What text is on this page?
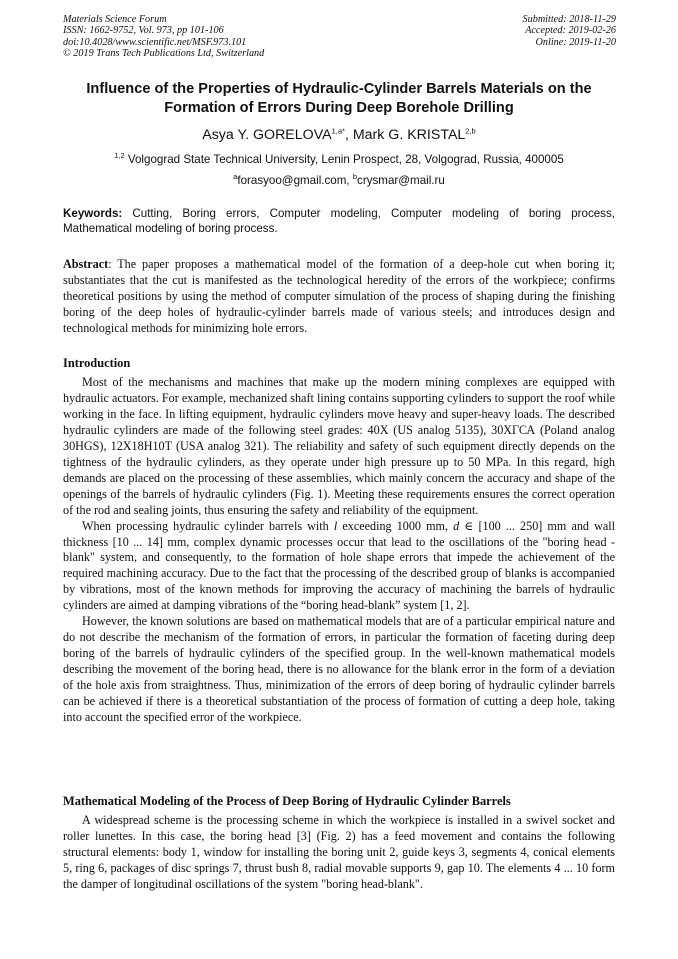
Materials Science Forum
ISSN: 1662-9752, Vol. 973, pp 101-106
doi:10.4028/www.scientific.net/MSF.973.101
© 2019 Trans Tech Publications Ltd, Switzerland
Submitted: 2018-11-29
Accepted: 2019-02-26
Online: 2019-11-20
Influence of the Properties of Hydraulic-Cylinder Barrels Materials on the Formation of Errors During Deep Borehole Drilling
Asya Y. $GORELOVA^{1,a*}$, Mark G. KRISTAL$^{2,b}$
$^{1,2}$ Volgograd State Technical University, Lenin Prospect, 28, Volgograd, Russia, 400005
$^a$forasyoo@gmail.com, $^b$crysmar@mail.ru
Keywords: Cutting, Boring errors, Computer modeling, Computer modeling of boring process, Mathematical modeling of boring process.

Abstract: The paper proposes a mathematical model of the formation of a deep-hole cut when boring it; substantiates that the cut is manifested as the technological heredity of the errors of the workpiece; confirms theoretical positions by using the method of computer simulation of the process of shaping during the finishing boring of the deep holes of hydraulic-cylinder barrels made of various steels; and introduces design and technological methods for minimizing hole errors.

Introduction

Most of the mechanisms and machines that make up the modern mining complexes are equipped with hydraulic actuators. For example, mechanized shaft lining contains supporting cylinders to support the roof while working in the face. In lifting equipment, hydraulic cylinders move heavy and super-heavy loads. The described hydraulic cylinders are made of the following steel grades: 40X (US analog 5135), 30XГСА (Poland analog 30HGS), 12X18H10T (USA analog 321). The reliability and safety of such equipment directly depends on the tightness of the hydraulic cylinders, as they operate under high pressure up to 50 MPa. In this regard, high demands are placed on the processing of these assemblies, which mainly concern the accuracy and shape of the openings of the barrels of hydraulic cylinders (Fig. 1). Meeting these requirements ensures the correct operation of the rod and sealing joints, thus ensuring the safety and reliability of the equipment.

When processing hydraulic cylinder barrels with l exceeding 1000 mm, d ∈ [100 ... 250] mm and wall thickness [10 ... 14] mm, complex dynamic processes occur that lead to the oscillations of the "boring head - blank" system, and consequently, to the formation of hole shape errors that impede the achievement of the required machining accuracy. Due to the fact that the processing of the described group of blanks is accompanied by vibrations, most of the known methods for improving the accuracy of machining the barrels of hydraulic cylinders are aimed at damping vibrations of the “boring head-blank” system [1, 2].

However, the known solutions are based on mathematical models that are of a particular empirical nature and do not describe the mechanism of the formation of errors, in particular the formation of faceting during deep boring of the barrels of hydraulic cylinders of the specified group. In the well-known mathematical models describing the movement of the boring head, there is no allowance for the blank error in the form of a deviation of the hole axis from straightness. Thus, minimization of the errors of deep boring of hydraulic cylinder barrels can be achieved if there is a theoretical substantiation of the process of formation of cutting a deep hole, taking into account the specified error of the workpiece.

Mathematical Modeling of the Process of Deep Boring of Hydraulic Cylinder Barrels

A widespread scheme is the processing scheme in which the workpiece is installed in a swivel socket and roller lunettes. In this case, the boring head [3] (Fig. 2) has a feed movement and contains the following structural elements: body 1, window for installing the boring unit 2, guide keys 3, segments 4, conical elements 5, ring 6, packages of disc springs 7, thrust bush 8, radial movable supports 9, gap 10. The elements 4 ... 10 form the damper of longitudinal oscillations of the system "boring head-blank".
